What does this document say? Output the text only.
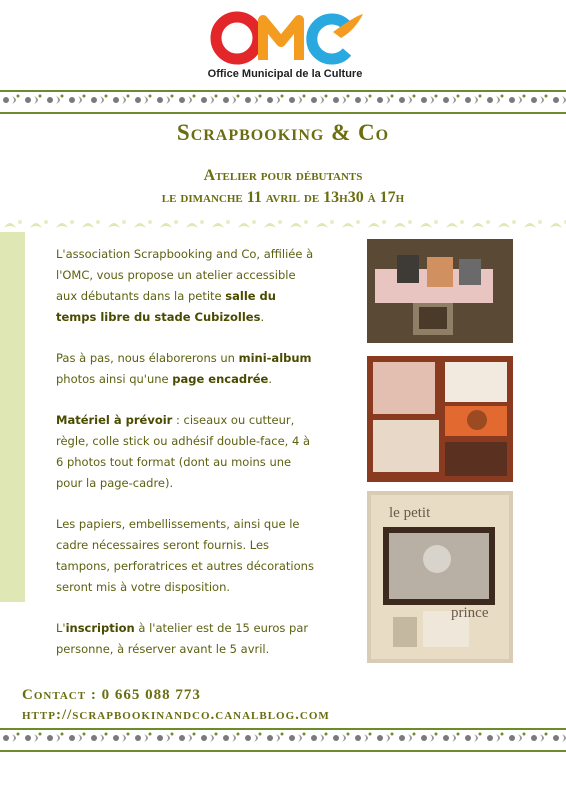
Office Municipal de la Culture
Scrapbooking & Co
Atelier pour débutants
le dimanche 11 avril de 13h30 à 17h

L'association Scrapbooking and Co, affiliée à l'OMC, vous propose un atelier accessible aux débutants dans la petite salle du temps libre du stade Cubizolles.

Pas à pas, nous élaborerons un mini-album photos ainsi qu'une page encadrée.

Matériel à prévoir : ciseaux ou cutteur, règle, colle stick ou adhésif double-face, 4 à 6 photos tout format (dont au moins une pour la page-cadre).

Les papiers, embellissements, ainsi que le cadre nécessaires seront fournis. Les tampons, perforatrices et autres décorations seront mis à votre disposition.

L'inscription à l'atelier est de 15 euros par personne, à réserver avant le 5 avril.

le petit
prince
Contact : 0 665 088 773
http://scrapbookinandco.canalblog.com
